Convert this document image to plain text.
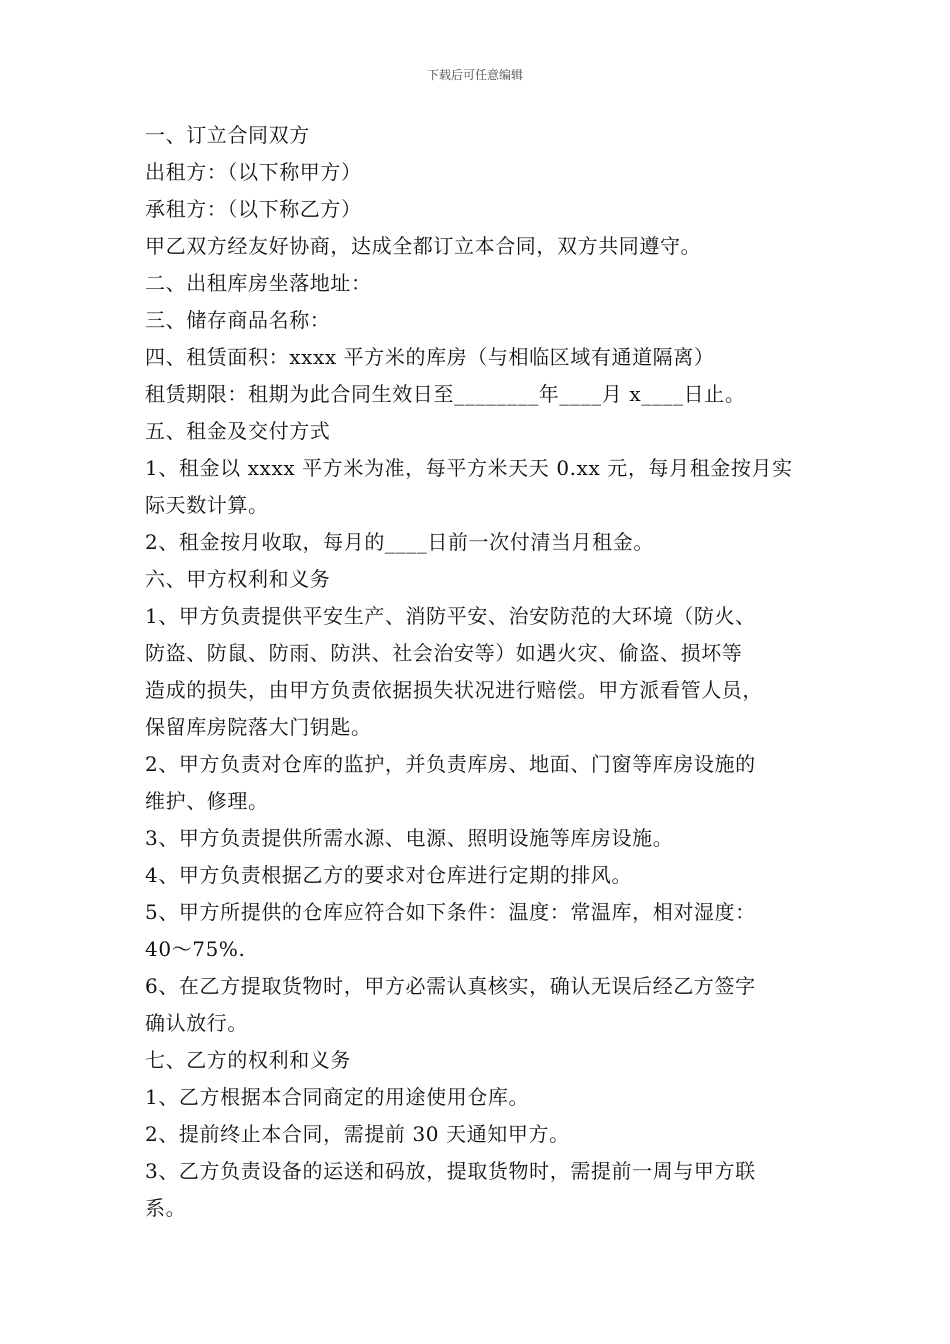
下载后可任意编辑
一、订立合同双方
出租方：（以下称甲方）
承租方：（以下称乙方）
甲乙双方经友好协商，达成全都订立本合同，双方共同遵守。
二、出租库房坐落地址：
三、储存商品名称：
四、租赁面积：xxxx 平方米的库房（与相临区域有通道隔离）
租赁期限：租期为此合同生效日至________年____月 x____日止。
五、租金及交付方式
1、租金以 xxxx 平方米为准，每平方米天天 0.xx 元，每月租金按月实
际天数计算。
2、租金按月收取，每月的____日前一次付清当月租金。
六、甲方权利和义务
1、甲方负责提供平安生产、消防平安、治安防范的大环境（防火、
防盗、防鼠、防雨、防洪、社会治安等）如遇火灾、偷盗、损坏等
造成的损失，由甲方负责依据损失状况进行赔偿。甲方派看管人员，
保留库房院落大门钥匙。
2、甲方负责对仓库的监护，并负责库房、地面、门窗等库房设施的
维护、修理。
3、甲方负责提供所需水源、电源、照明设施等库房设施。
4、甲方负责根据乙方的要求对仓库进行定期的排风。
5、甲方所提供的仓库应符合如下条件：温度：常温库，相对湿度：
40～75%.
6、在乙方提取货物时，甲方必需认真核实，确认无误后经乙方签字
确认放行。
七、乙方的权利和义务
1、乙方根据本合同商定的用途使用仓库。
2、提前终止本合同，需提前 30 天通知甲方。
3、乙方负责设备的运送和码放，提取货物时，需提前一周与甲方联
系。
